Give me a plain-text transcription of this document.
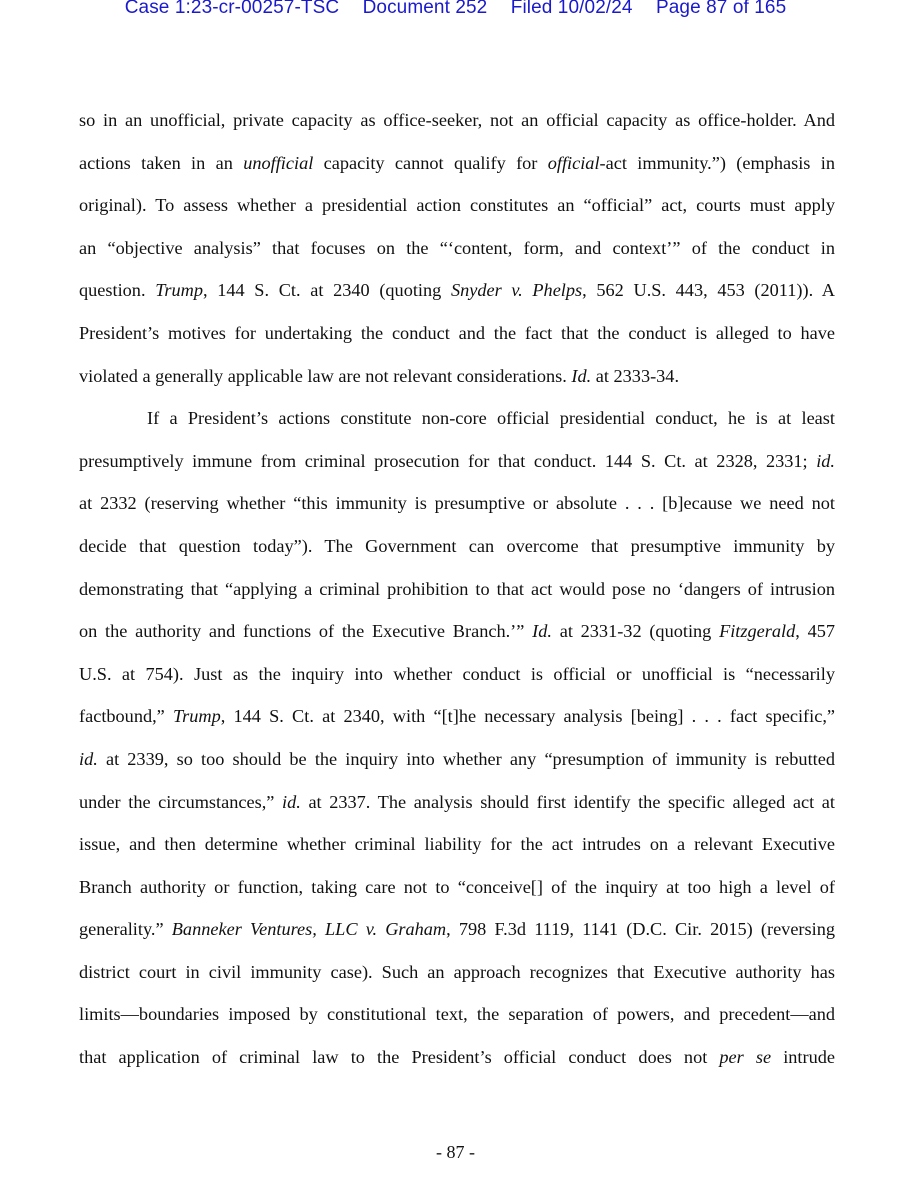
Case 1:23-cr-00257-TSC Document 252 Filed 10/02/24 Page 87 of 165
so in an unofficial, private capacity as office-seeker, not an official capacity as office-holder. And
actions taken in an unofficial capacity cannot qualify for official-act immunity.”) (emphasis in
original). To assess whether a presidential action constitutes an “official” act, courts must apply
an “objective analysis” that focuses on the “‘content, form, and context’” of the conduct in
question. Trump, 144 S. Ct. at 2340 (quoting Snyder v. Phelps, 562 U.S. 443, 453 (2011)). A
President’s motives for undertaking the conduct and the fact that the conduct is alleged to have
violated a generally applicable law are not relevant considerations. Id. at 2333-34.
If a President’s actions constitute non-core official presidential conduct, he is at least
presumptively immune from criminal prosecution for that conduct. 144 S. Ct. at 2328, 2331; id.
at 2332 (reserving whether “this immunity is presumptive or absolute . . . [b]ecause we need not
decide that question today”). The Government can overcome that presumptive immunity by
demonstrating that “applying a criminal prohibition to that act would pose no ‘dangers of intrusion
on the authority and functions of the Executive Branch.’” Id. at 2331-32 (quoting Fitzgerald, 457
U.S. at 754). Just as the inquiry into whether conduct is official or unofficial is “necessarily
factbound,” Trump, 144 S. Ct. at 2340, with “[t]he necessary analysis [being] . . . fact specific,”
id. at 2339, so too should be the inquiry into whether any “presumption of immunity is rebutted
under the circumstances,” id. at 2337. The analysis should first identify the specific alleged act at
issue, and then determine whether criminal liability for the act intrudes on a relevant Executive
Branch authority or function, taking care not to “conceive[] of the inquiry at too high a level of
generality.” Banneker Ventures, LLC v. Graham, 798 F.3d 1119, 1141 (D.C. Cir. 2015) (reversing
district court in civil immunity case). Such an approach recognizes that Executive authority has
limits—boundaries imposed by constitutional text, the separation of powers, and precedent—and
that application of criminal law to the President’s official conduct does not per se intrude
- 87 -
